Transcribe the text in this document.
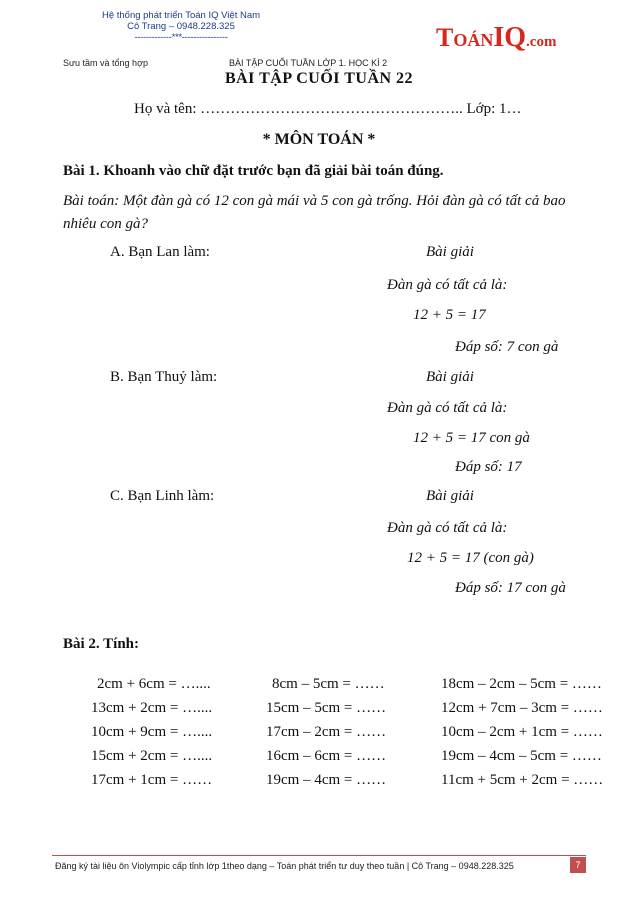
Hệ thống phát triển Toán IQ Việt Nam
Cô Trang – 0948.228.325
-------------***----------------	T OÁN IQ .com
Sưu tầm và tổng hợp	BÀI TẬP CUỐI TUẦN LỚP 1. HỌC KÌ 2
BÀI TẬP CUỐI TUẦN 22
Họ và tên: …………………………………………….. Lớp: 1…
* MÔN TOÁN *
Bài 1. Khoanh vào chữ đặt trước bạn đã giải bài toán đúng.
Bài toán: Một đàn gà có 12 con gà mái và 5 con gà trống. Hỏi đàn gà có tất cả bao
nhiêu con gà?
A. Bạn Lan làm:	Bài giải
Đàn gà có tất cả là:
12 + 5 = 17
Đáp số: 7 con gà
B. Bạn Thuỷ làm:	Bài giải
Đàn gà có tất cả là:
12 + 5 = 17 con gà
Đáp số: 17
C. Bạn Linh làm:	Bài giải
Đàn gà có tất cả là:
12 + 5 = 17 (con gà)
Đáp số: 17 con gà
Bài 2. Tính:
2cm + 6cm = …....	8cm – 5cm = ……	18cm – 2cm – 5cm = ……
13cm + 2cm = …....	15cm – 5cm = ……	12cm + 7cm – 3cm = ……
10cm + 9cm = …....	17cm – 2cm = ……	10cm – 2cm + 1cm = ……
15cm + 2cm = …....	16cm – 6cm = ……	19cm – 4cm – 5cm = ……
17cm + 1cm = ……	19cm – 4cm = ……	11cm + 5cm + 2cm = ……
Đăng ký tài liệu ôn Violympic cấp tỉnh lớp 1theo dạng – Toán phát triển tư duy theo tuần | Cô Trang – 0948.228.325	7
